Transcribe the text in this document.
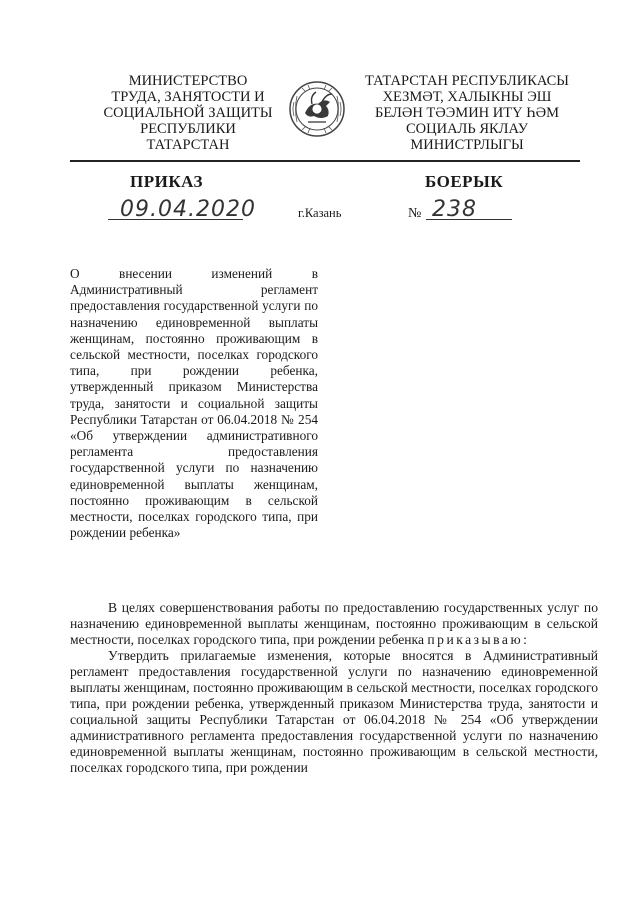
МИНИСТЕРСТВО
ТРУДА, ЗАНЯТОСТИ И
СОЦИАЛЬНОЙ ЗАЩИТЫ
РЕСПУБЛИКИ
ТАТАРСТАН
ТАТАРСТАН РЕСПУБЛИКАСЫ
ХЕЗМӘТ, ХАЛЫКНЫ ЭШ
БЕЛӘН ТӘЭМИН ИТҮ ҺӘМ
СОЦИАЛЬ ЯКЛАУ
МИНИСТРЛЫГЫ
ПРИКАЗ	БОЕРЫК
09.04.2020	г.Казань	№ 238
О внесении изменений в Административный регламент предоставления государственной услуги по назначению единовременной выплаты женщинам, постоянно проживающим в сельской местности, поселках городского типа, при рождении ребенка, утвержденный приказом Министерства труда, занятости и социальной защиты Республики Татарстан от 06.04.2018 № 254 «Об утверждении административного регламента предоставления государственной услуги по назначению единовременной выплаты женщинам, постоянно проживающим в сельской местности, поселках городского типа, при рождении ребенка»

В целях совершенствования работы по предоставлению государственных услуг по назначению единовременной выплаты женщинам, постоянно проживающим в сельской местности, поселках городского типа, при рождении ребенка приказываю:

Утвердить прилагаемые изменения, которые вносятся в Административный регламент предоставления государственной услуги по назначению единовременной выплаты женщинам, постоянно проживающим в сельской местности, поселках городского типа, при рождении ребенка, утвержденный приказом Министерства труда, занятости и социальной защиты Республики Татарстан от 06.04.2018 № 254 «Об утверждении административного регламента предоставления государственной услуги по назначению единовременной выплаты женщинам, постоянно проживающим в сельской местности, поселках городского типа, при рождении
